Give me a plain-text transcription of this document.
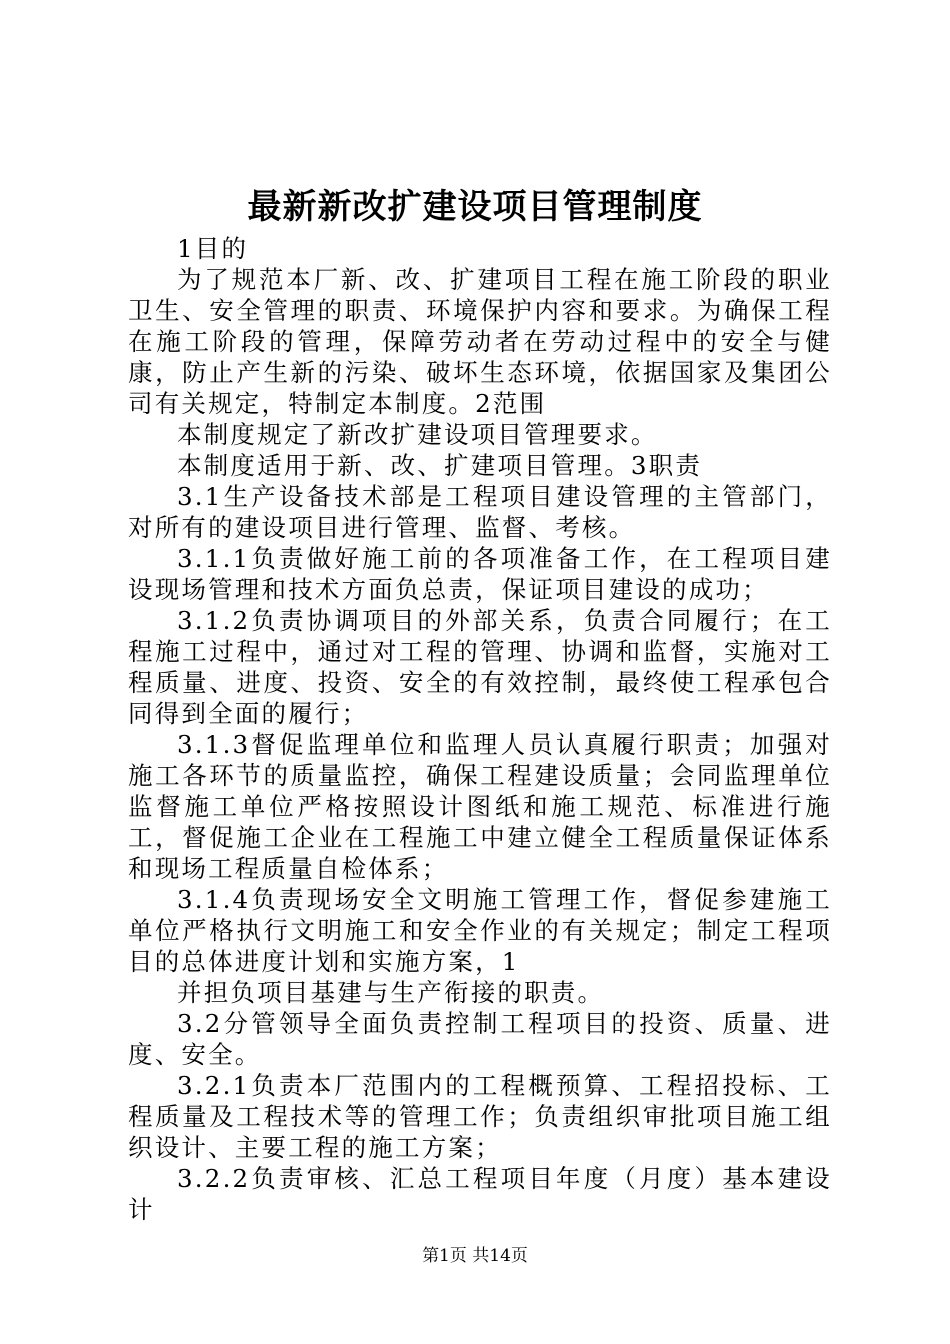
最新新改扩建设项目管理制度

1目的

为了规范本厂新、改、扩建项目工程在施工阶段的职业卫生、安全管理的职责、环境保护内容和要求。为确保工程在施工阶段的管理，保障劳动者在劳动过程中的安全与健康，防止产生新的污染、破坏生态环境，依据国家及集团公司有关规定，特制定本制度。2范围

本制度规定了新改扩建设项目管理要求。

本制度适用于新、改、扩建项目管理。3职责

3.1生产设备技术部是工程项目建设管理的主管部门，对所有的建设项目进行管理、监督、考核。

3.1.1负责做好施工前的各项准备工作，在工程项目建设现场管理和技术方面负总责，保证项目建设的成功；

3.1.2负责协调项目的外部关系，负责合同履行；在工程施工过程中，通过对工程的管理、协调和监督，实施对工程质量、进度、投资、安全的有效控制，最终使工程承包合同得到全面的履行；

3.1.3督促监理单位和监理人员认真履行职责；加强对施工各环节的质量监控，确保工程建设质量；会同监理单位监督施工单位严格按照设计图纸和施工规范、标准进行施工，督促施工企业在工程施工中建立健全工程质量保证体系和现场工程质量自检体系；

3.1.4负责现场安全文明施工管理工作，督促参建施工单位严格执行文明施工和安全作业的有关规定；制定工程项目的总体进度计划和实施方案，1

并担负项目基建与生产衔接的职责。

3.2分管领导全面负责控制工程项目的投资、质量、进度、安全。

3.2.1负责本厂范围内的工程概预算、工程招投标、工程质量及工程技术等的管理工作；负责组织审批项目施工组织设计、主要工程的施工方案；

3.2.2负责审核、汇总工程项目年度（月度）基本建设计

第1页 共14页
